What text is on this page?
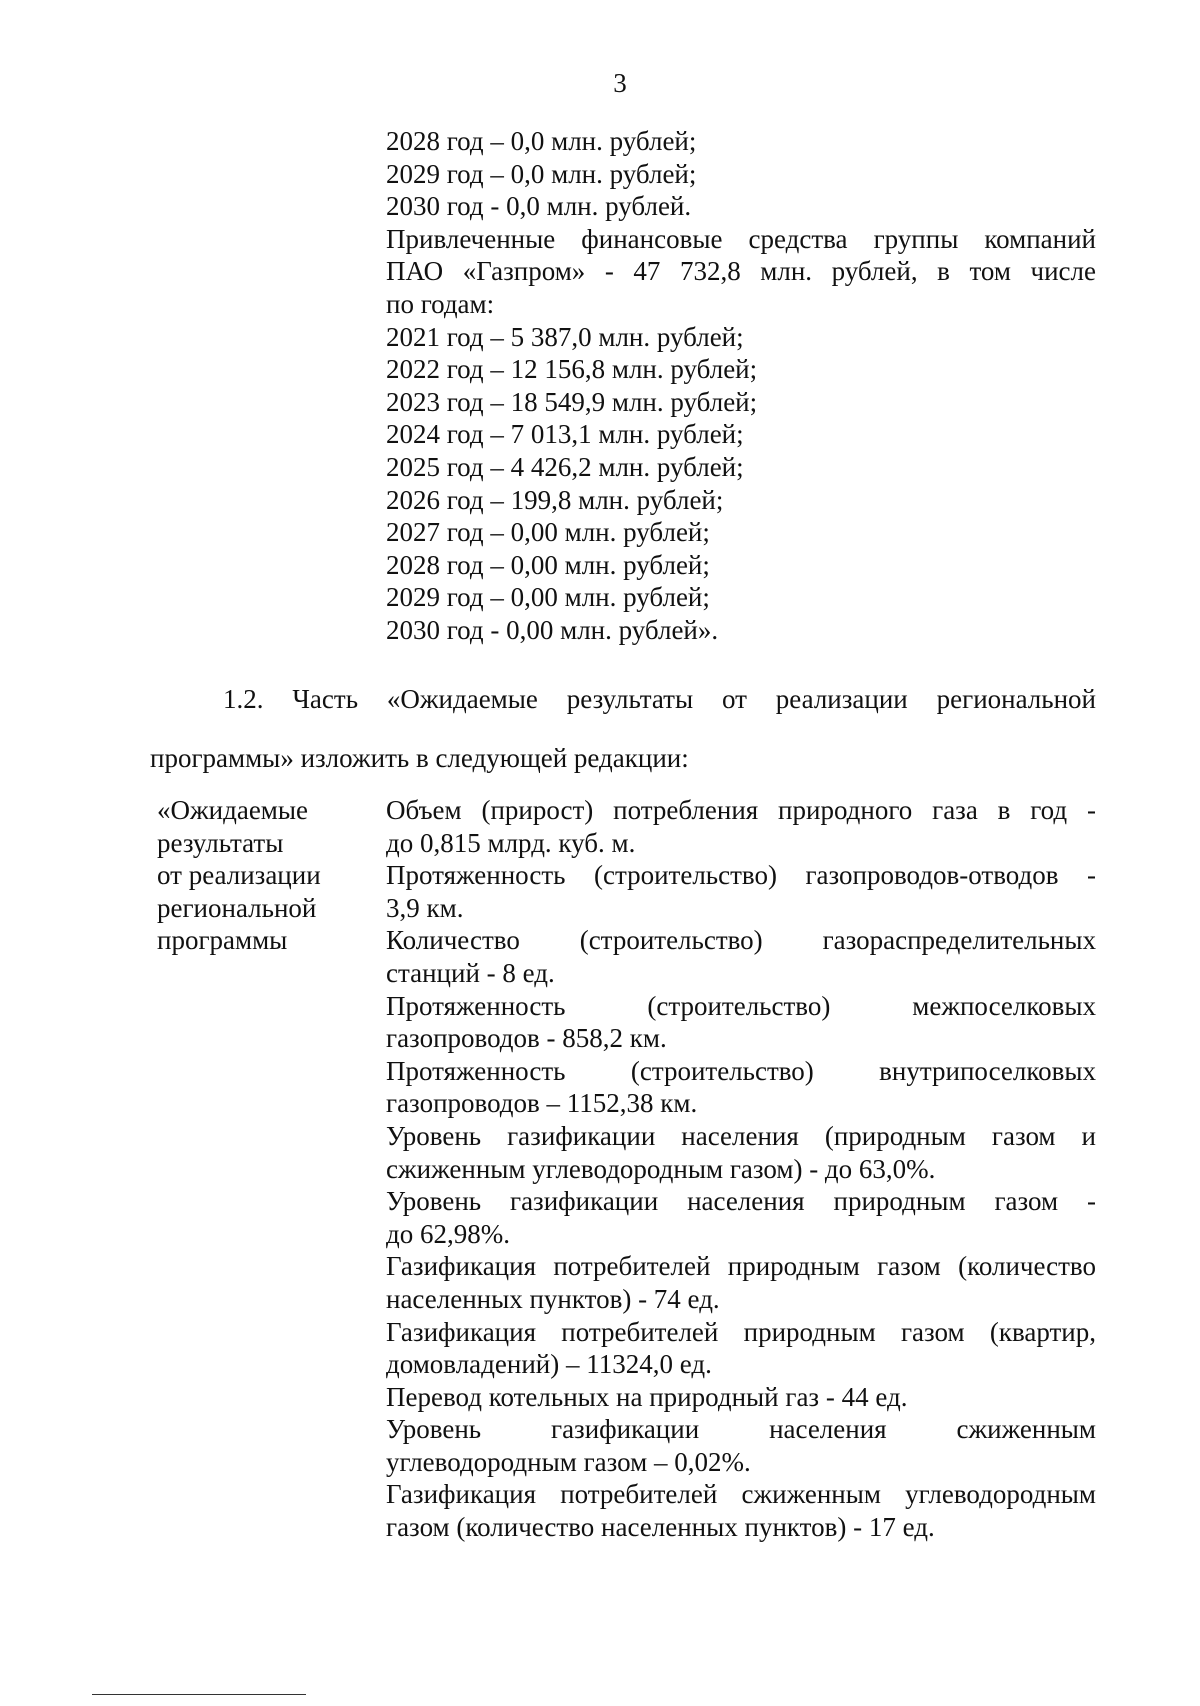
3
2028 год – 0,0 млн. рублей;
2029 год – 0,0 млн. рублей;
2030 год - 0,0 млн. рублей.
Привлеченные финансовые средства группы компаний
ПАО «Газпром» - 47 732,8 млн. рублей, в том числе
по годам:
2021 год – 5 387,0 млн. рублей;
2022 год – 12 156,8 млн. рублей;
2023 год – 18 549,9 млн. рублей;
2024 год – 7 013,1 млн. рублей;
2025 год – 4 426,2 млн. рублей;
2026 год – 199,8 млн. рублей;
2027 год – 0,00 млн. рублей;
2028 год – 0,00 млн. рублей;
2029 год – 0,00 млн. рублей;
2030 год - 0,00 млн. рублей».
1.2. Часть «Ожидаемые результаты от реализации региональной
программы» изложить в следующей редакции:
«Ожидаемые
результаты
от реализации
региональной
программы
Объем (прирост) потребления природного газа в год -
до 0,815 млрд. куб. м.
Протяженность (строительство) газопроводов-отводов -
3,9 км.
Количество (строительство) газораспределительных
станций - 8 ед.
Протяженность (строительство) межпоселковых
газопроводов - 858,2 км.
Протяженность (строительство) внутрипоселковых
газопроводов – 1152,38 км.
Уровень газификации населения (природным газом и
сжиженным углеводородным газом) - до 63,0%.
Уровень газификации населения природным газом -
до 62,98%.
Газификация потребителей природным газом (количество
населенных пунктов) - 74 ед.
Газификация потребителей природным газом (квартир,
домовладений) – 11324,0 ед.
Перевод котельных на природный газ - 44 ед.
Уровень газификации населения сжиженным
углеводородным газом – 0,02%.
Газификация потребителей сжиженным углеводородным
газом (количество населенных пунктов) - 17 ед.
